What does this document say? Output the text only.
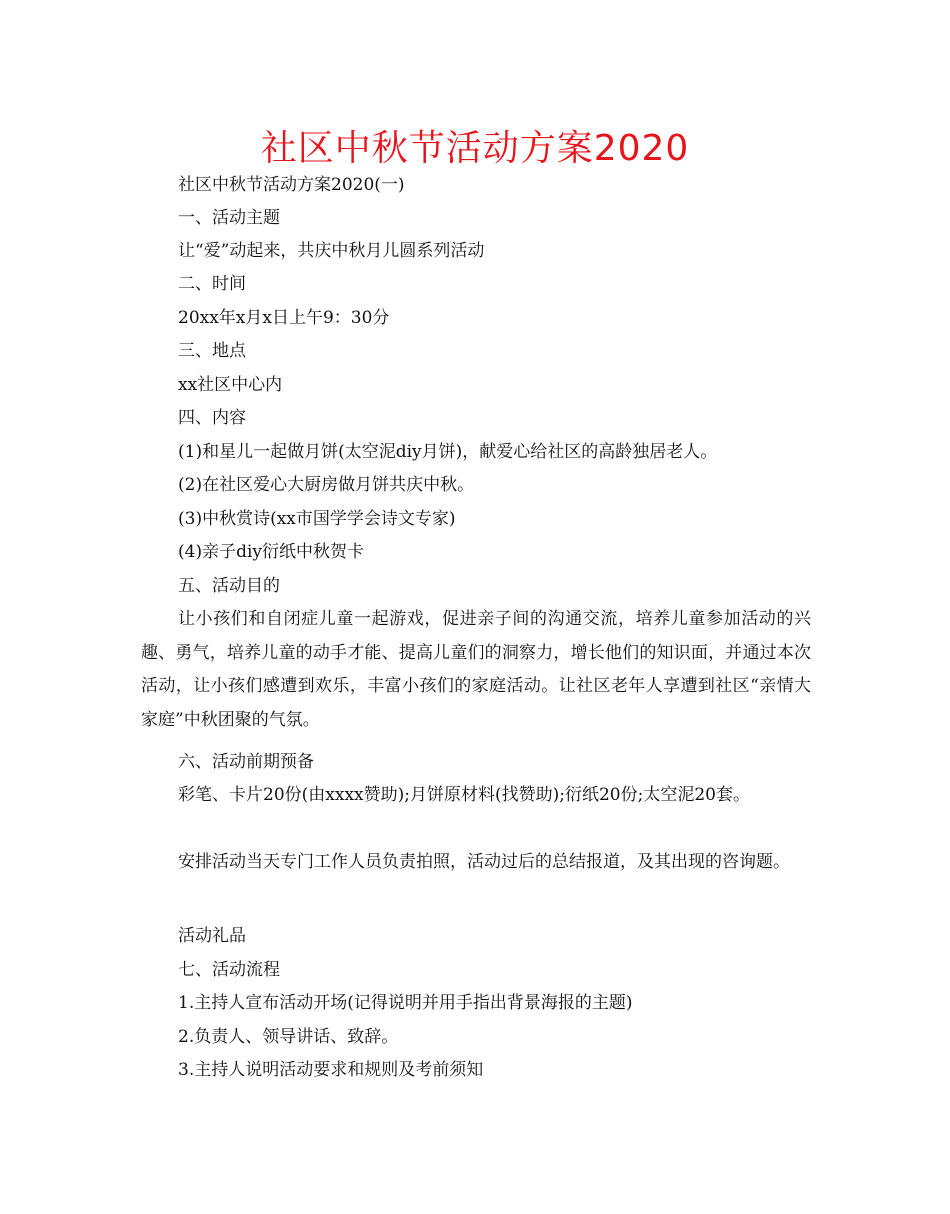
社区中秋节活动方案2020
社区中秋节活动方案2020(一)
一、活动主题
让“爱”动起来，共庆中秋月儿圆系列活动
二、时间
20xx年x月x日上午9：30分
三、地点
xx社区中心内
四、内容
(1)和星儿一起做月饼(太空泥diy月饼)，献爱心给社区的高龄独居老人。
(2)在社区爱心大厨房做月饼共庆中秋。
(3)中秋赏诗(xx市国学学会诗文专家)
(4)亲子diy衍纸中秋贺卡
五、活动目的
让小孩们和自闭症儿童一起游戏，促进亲子间的沟通交流，培养儿童参加活动的兴趣、勇气，培养儿童的动手才能、提高儿童们的洞察力，增长他们的知识面，并通过本次活动，让小孩们感遭到欢乐，丰富小孩们的家庭活动。让社区老年人享遭到社区“亲情大家庭”中秋团聚的气氛。
六、活动前期预备
彩笔、卡片20份(由xxxx赞助);月饼原材料(找赞助);衍纸20份;太空泥20套。
安排活动当天专门工作人员负责拍照，活动过后的总结报道，及其出现的咨询题。
活动礼品
七、活动流程
1.主持人宣布活动开场(记得说明并用手指出背景海报的主题)
2.负责人、领导讲话、致辞。
3.主持人说明活动要求和规则及考前须知
